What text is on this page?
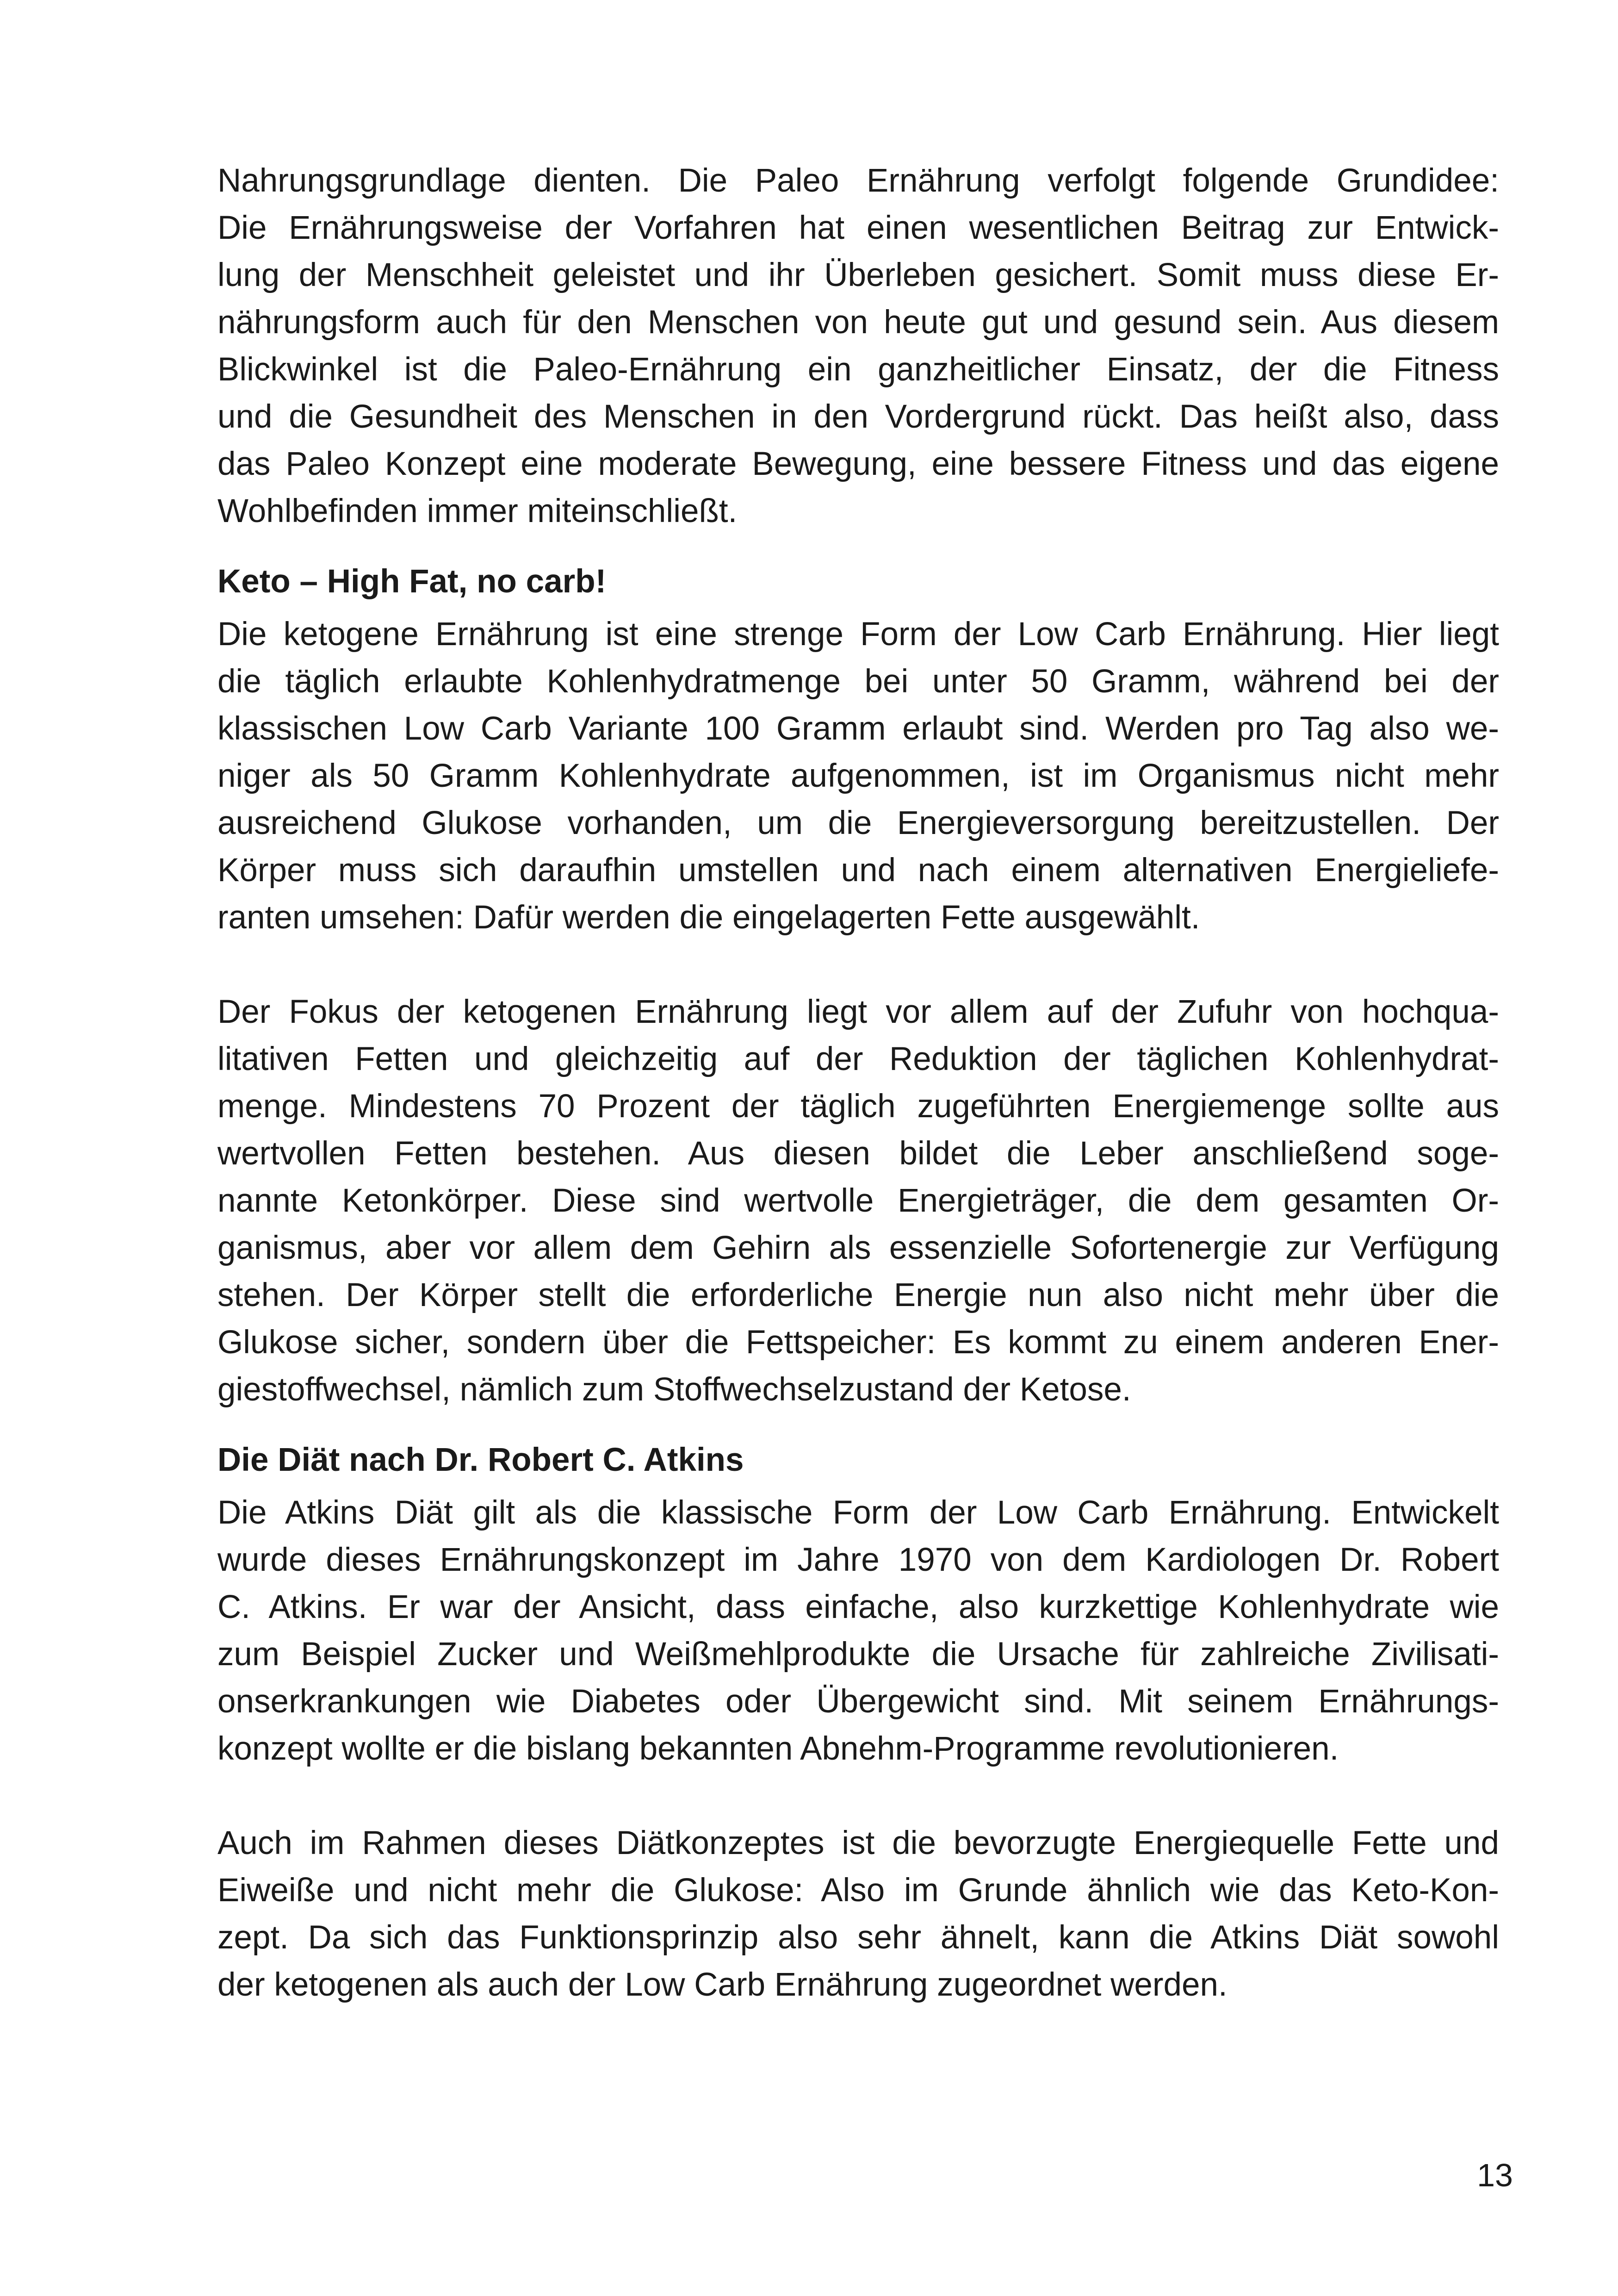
Nahrungsgrundlage dienten. Die Paleo Ernährung verfolgt folgende Grundidee:
Die Ernährungsweise der Vorfahren hat einen wesentlichen Beitrag zur Entwick-
lung der Menschheit geleistet und ihr Überleben gesichert. Somit muss diese Er-
nährungsform auch für den Menschen von heute gut und gesund sein. Aus diesem
Blickwinkel ist die Paleo-Ernährung ein ganzheitlicher Einsatz, der die Fitness
und die Gesundheit des Menschen in den Vordergrund rückt. Das heißt also, dass
das Paleo Konzept eine moderate Bewegung, eine bessere Fitness und das eigene
Wohlbefinden immer miteinschließt.
Keto – High Fat, no carb!
Die ketogene Ernährung ist eine strenge Form der Low Carb Ernährung. Hier liegt
die täglich erlaubte Kohlenhydratmenge bei unter 50 Gramm, während bei der
klassischen Low Carb Variante 100 Gramm erlaubt sind. Werden pro Tag also we-
niger als 50 Gramm Kohlenhydrate aufgenommen, ist im Organismus nicht mehr
ausreichend Glukose vorhanden, um die Energieversorgung bereitzustellen. Der
Körper muss sich daraufhin umstellen und nach einem alternativen Energieliefe-
ranten umsehen: Dafür werden die eingelagerten Fette ausgewählt.
Der Fokus der ketogenen Ernährung liegt vor allem auf der Zufuhr von hochqua-
litativen Fetten und gleichzeitig auf der Reduktion der täglichen Kohlenhydrat-
menge. Mindestens 70 Prozent der täglich zugeführten Energiemenge sollte aus
wertvollen Fetten bestehen. Aus diesen bildet die Leber anschließend soge-
nannte Ketonkörper. Diese sind wertvolle Energieträger, die dem gesamten Or-
ganismus, aber vor allem dem Gehirn als essenzielle Sofortenergie zur Verfügung
stehen. Der Körper stellt die erforderliche Energie nun also nicht mehr über die
Glukose sicher, sondern über die Fettspeicher: Es kommt zu einem anderen Ener-
giestoffwechsel, nämlich zum Stoffwechselzustand der Ketose.
Die Diät nach Dr. Robert C. Atkins
Die Atkins Diät gilt als die klassische Form der Low Carb Ernährung. Entwickelt
wurde dieses Ernährungskonzept im Jahre 1970 von dem Kardiologen Dr. Robert
C. Atkins. Er war der Ansicht, dass einfache, also kurzkettige Kohlenhydrate wie
zum Beispiel Zucker und Weißmehlprodukte die Ursache für zahlreiche Zivilisati-
onserkrankungen wie Diabetes oder Übergewicht sind. Mit seinem Ernährungs-
konzept wollte er die bislang bekannten Abnehm-Programme revolutionieren.
Auch im Rahmen dieses Diätkonzeptes ist die bevorzugte Energiequelle Fette und
Eiweiße und nicht mehr die Glukose: Also im Grunde ähnlich wie das Keto-Kon-
zept. Da sich das Funktionsprinzip also sehr ähnelt, kann die Atkins Diät sowohl
der ketogenen als auch der Low Carb Ernährung zugeordnet werden.
13
